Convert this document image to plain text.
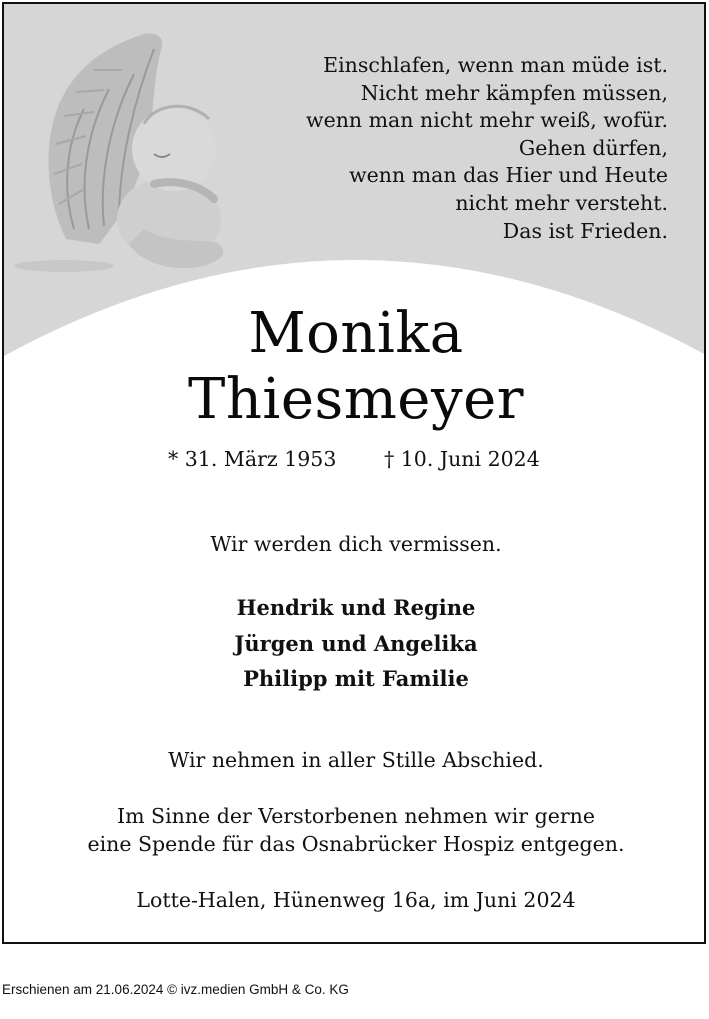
Einschlafen, wenn man müde ist.
Nicht mehr kämpfen müssen,
wenn man nicht mehr weiß, wofür.
Gehen dürfen,
wenn man das Hier und Heute
nicht mehr versteht.
Das ist Frieden.
Monika
Thiesmeyer
* 31. März 1953 † 10. Juni 2024
Wir werden dich vermissen.
Hendrik und Regine
Jürgen und Angelika
Philipp mit Familie
Wir nehmen in aller Stille Abschied.
Im Sinne der Verstorbenen nehmen wir gerne
eine Spende für das Osnabrücker Hospiz entgegen.
Lotte-Halen, Hünenweg 16a, im Juni 2024
Erschienen am 21.06.2024 © ivz.medien GmbH & Co. KG
